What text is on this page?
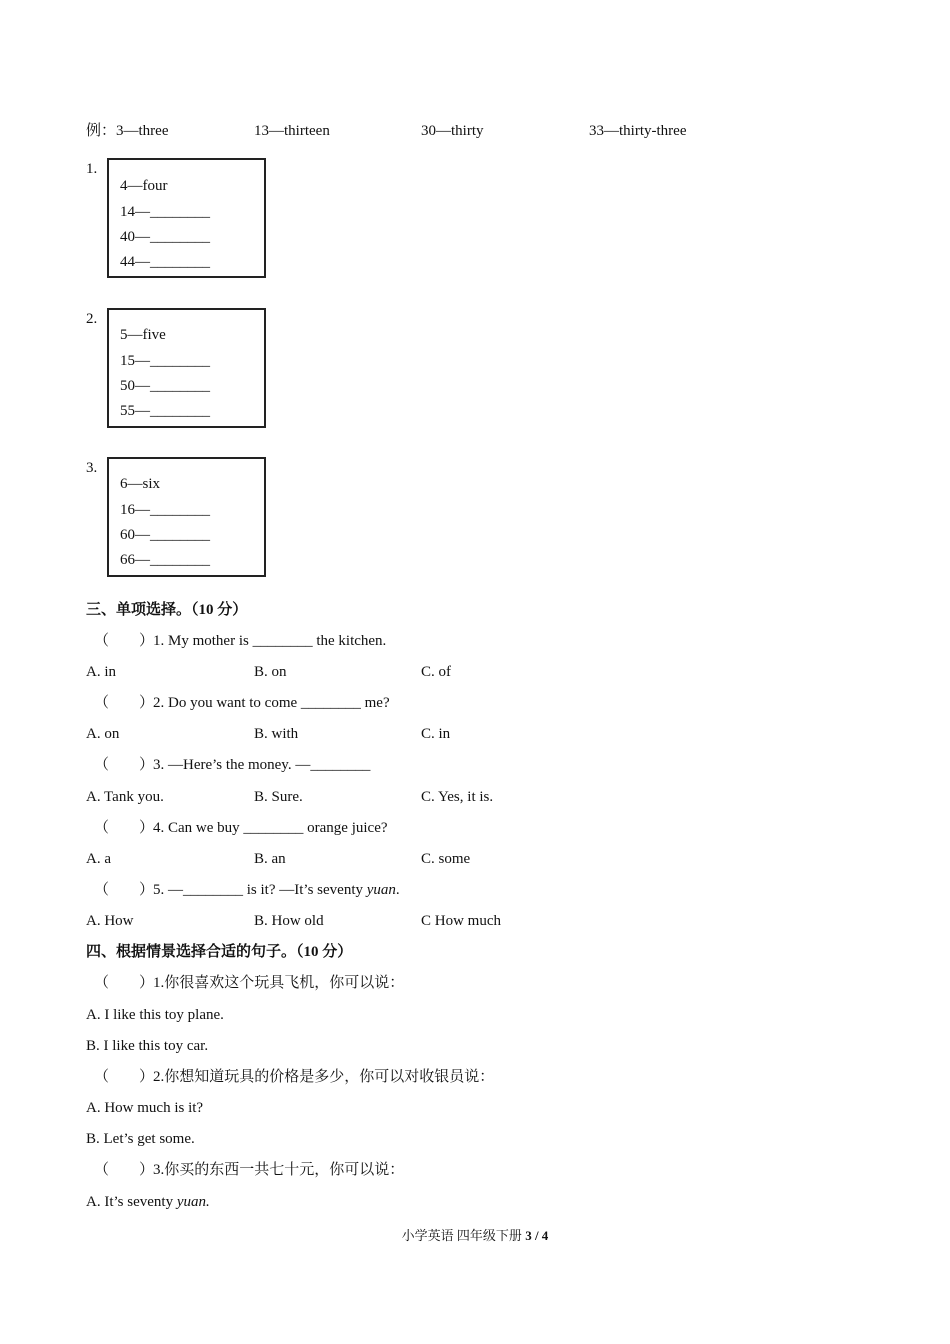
例：3—three	13—thirteen	30—thirty	33—thirty-three
1.
4—four
14—________
40—________
44—________
2.
5—five
15—________
50—________
55—________
3.
6—six
16—________
60—________
66—________
三、单项选择。（10 分）
（　　）
1. My mother is ________ the kitchen.
A. in	B. on	C. of
（　　）
2. Do you want to come ________ me?
A. on	B. with	C. in
（　　）
3. —Here’s the money. —________
A. Tank you.	B. Sure.	C. Yes, it is.
（　　）
4. Can we buy ________ orange juice?
A. a	B. an	C. some
（　　）
5. —________ is it? —It’s seventy yuan.
A. How	B. How old	C How much
四、根据情景选择合适的句子。（10 分）
（　　）
1.你很喜欢这个玩具飞机，你可以说：
A. I like this toy plane.
B. I like this toy car.
（　　）
2.你想知道玩具的价格是多少，你可以对收银员说：
A. How much is it?
B. Let’s get some.
（　　）
3.你买的东西一共七十元，你可以说：
A. It’s seventy yuan.
小学英语 四年级下册 3 / 4
